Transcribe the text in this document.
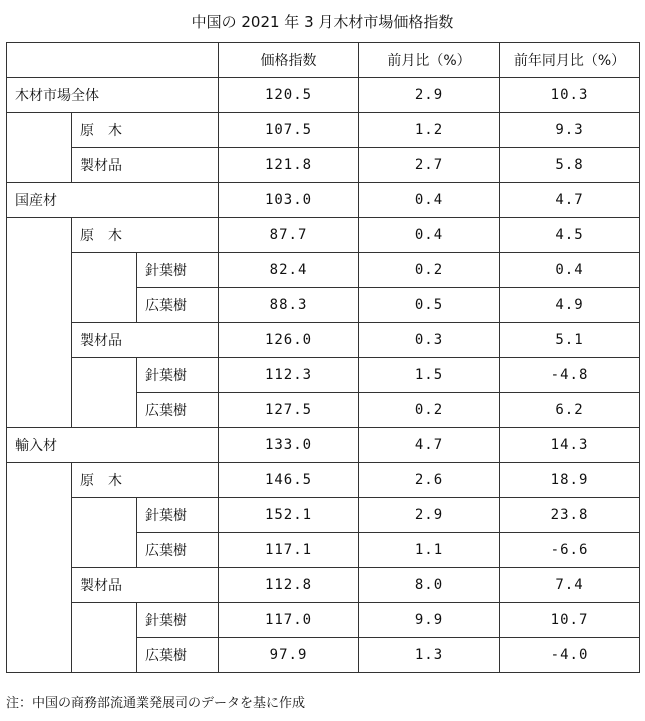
中国の 2021 年 3 月木材市場価格指数
			価格指数	前月比（%）	前年同月比（%）
木材市場全体			120.5	2.9	10.3
	原　木		107.5	1.2	9.3
	製材品		121.8	2.7	5.8
国産材			103.0	0.4	4.7
	原　木		87.7	0.4	4.5
		針葉樹	82.4	0.2	0.4
		広葉樹	88.3	0.5	4.9
	製材品		126.0	0.3	5.1
		針葉樹	112.3	1.5	-4.8
		広葉樹	127.5	0.2	6.2
輸入材			133.0	4.7	14.3
	原　木		146.5	2.6	18.9
		針葉樹	152.1	2.9	23.8
		広葉樹	117.1	1.1	-6.6
	製材品		112.8	8.0	7.4
		針葉樹	117.0	9.9	10.7
		広葉樹	97.9	1.3	-4.0
注：中国の商務部流通業発展司のデータを基に作成
